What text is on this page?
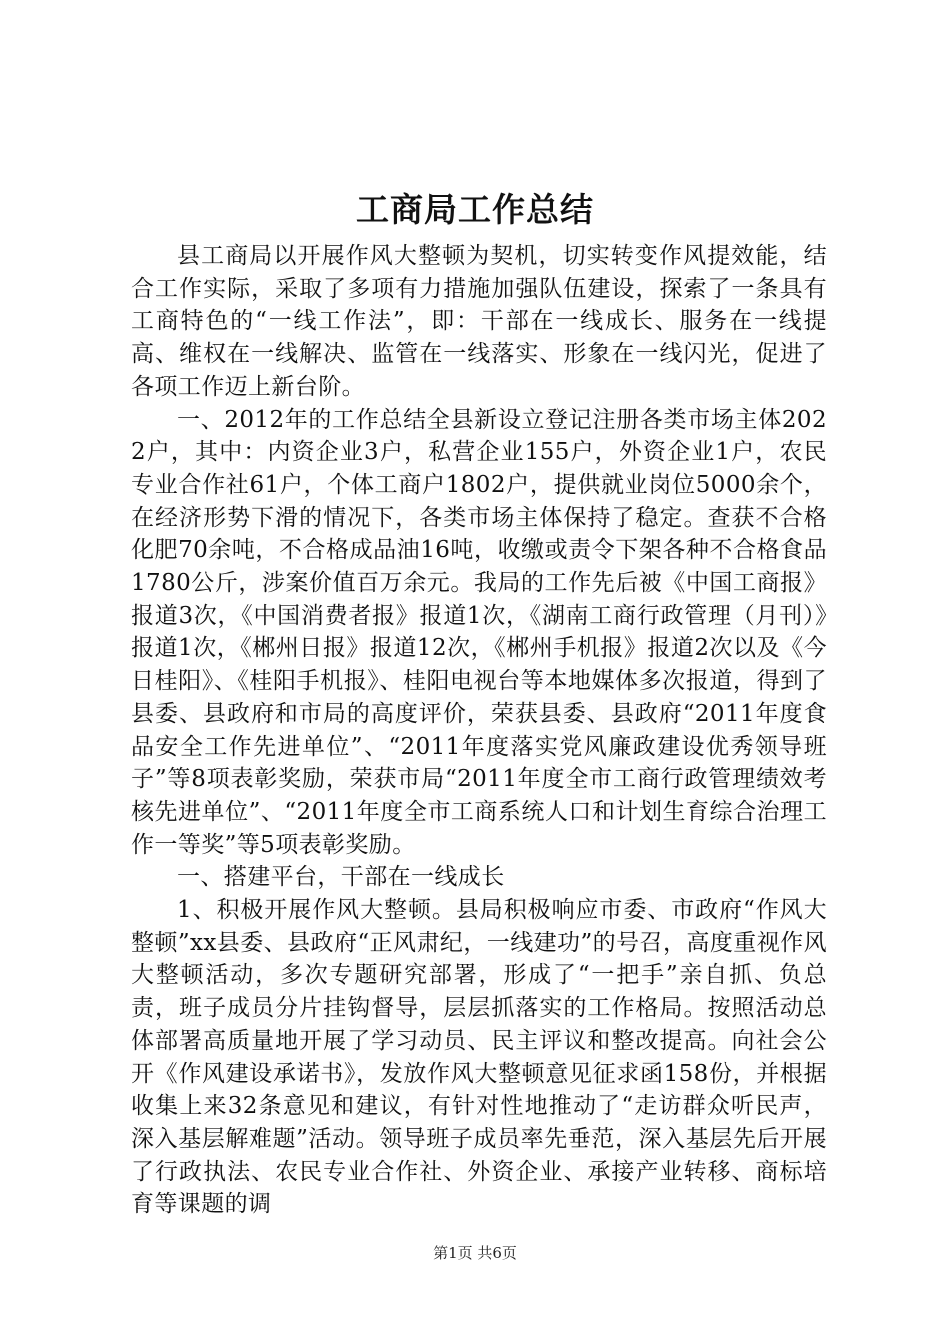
工商局工作总结

县工商局以开展作风大整顿为契机，切实转变作风提效能，结合工作实际，采取了多项有力措施加强队伍建设，探索了一条具有工商特色的“一线工作法”，即：干部在一线成长、服务在一线提高、维权在一线解决、监管在一线落实、形象在一线闪光，促进了各项工作迈上新台阶。

一、2012年的工作总结全县新设立登记注册各类市场主体2022户，其中：内资企业3户，私营企业155户，外资企业1户，农民专业合作社61户，个体工商户1802户，提供就业岗位5000余个，在经济形势下滑的情况下，各类市场主体保持了稳定。查获不合格化肥70余吨，不合格成品油16吨，收缴或责令下架各种不合格食品1780公斤，涉案价值百万余元。我局的工作先后被《中国工商报》报道3次，《中国消费者报》报道1次，《湖南工商行政管理（月刊）》报道1次，《郴州日报》报道12次，《郴州手机报》报道2次以及《今日桂阳》、《桂阳手机报》、桂阳电视台等本地媒体多次报道，得到了县委、县政府和市局的高度评价，荣获县委、县政府“2011年度食品安全工作先进单位”、“2011年度落实党风廉政建设优秀领导班子”等8项表彰奖励，荣获市局“2011年度全市工商行政管理绩效考核先进单位”、“2011年度全市工商系统人口和计划生育综合治理工作一等奖”等5项表彰奖励。

一、搭建平台，干部在一线成长

1、积极开展作风大整顿。县局积极响应市委、市政府“作风大整顿”xx县委、县政府“正风肃纪，一线建功”的号召，高度重视作风大整顿活动，多次专题研究部署，形成了“一把手”亲自抓、负总责，班子成员分片挂钩督导，层层抓落实的工作格局。按照活动总体部署高质量地开展了学习动员、民主评议和整改提高。向社会公开《作风建设承诺书》，发放作风大整顿意见征求函158份，并根据收集上来32条意见和建议，有针对性地推动了“走访群众听民声，深入基层解难题”活动。领导班子成员率先垂范，深入基层先后开展了行政执法、农民专业合作社、外资企业、承接产业转移、商标培育等课题的调

第1页 共6页
